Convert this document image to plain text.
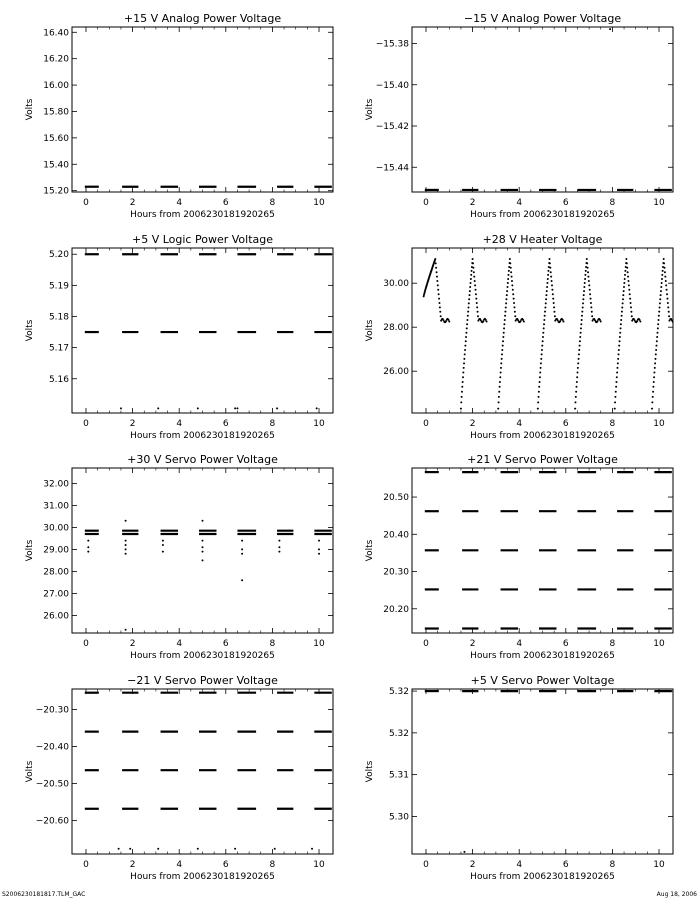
+15 V Analog Power Voltage
0	2	4	6	8	10
15.20
15.40
15.60
15.80
16.00
16.20
16.40
Hours from 2006230181920265
Volts
−15 V Analog Power Voltage
0	2	4	6	8	10
−15.38
−15.40
−15.42
−15.44
Hours from 2006230181920265
Volts
+5 V Logic Power Voltage
0	2	4	6	8	10
5.16
5.17
5.18
5.19
5.20
Hours from 2006230181920265
Volts
+28 V Heater Voltage
0	2	4	6	8	10
26.00
28.00
30.00
Hours from 2006230181920265
Volts
+30 V Servo Power Voltage
0	2	4	6	8	10
26.00
27.00
28.00
29.00
30.00
31.00
32.00
Hours from 2006230181920265
Volts
+21 V Servo Power Voltage
0	2	4	6	8	10
20.20
20.30
20.40
20.50
Hours from 2006230181920265
Volts
−21 V Servo Power Voltage
0	2	4	6	8	10
−20.30
−20.40
−20.50
−20.60
Hours from 2006230181920265
Volts
+5 V Servo Power Voltage
0	2	4	6	8	10
5.30
5.31
5.32
5.32
Hours from 2006230181920265
Volts
S2006230181817.TLM_GAC	Aug 18, 2006
